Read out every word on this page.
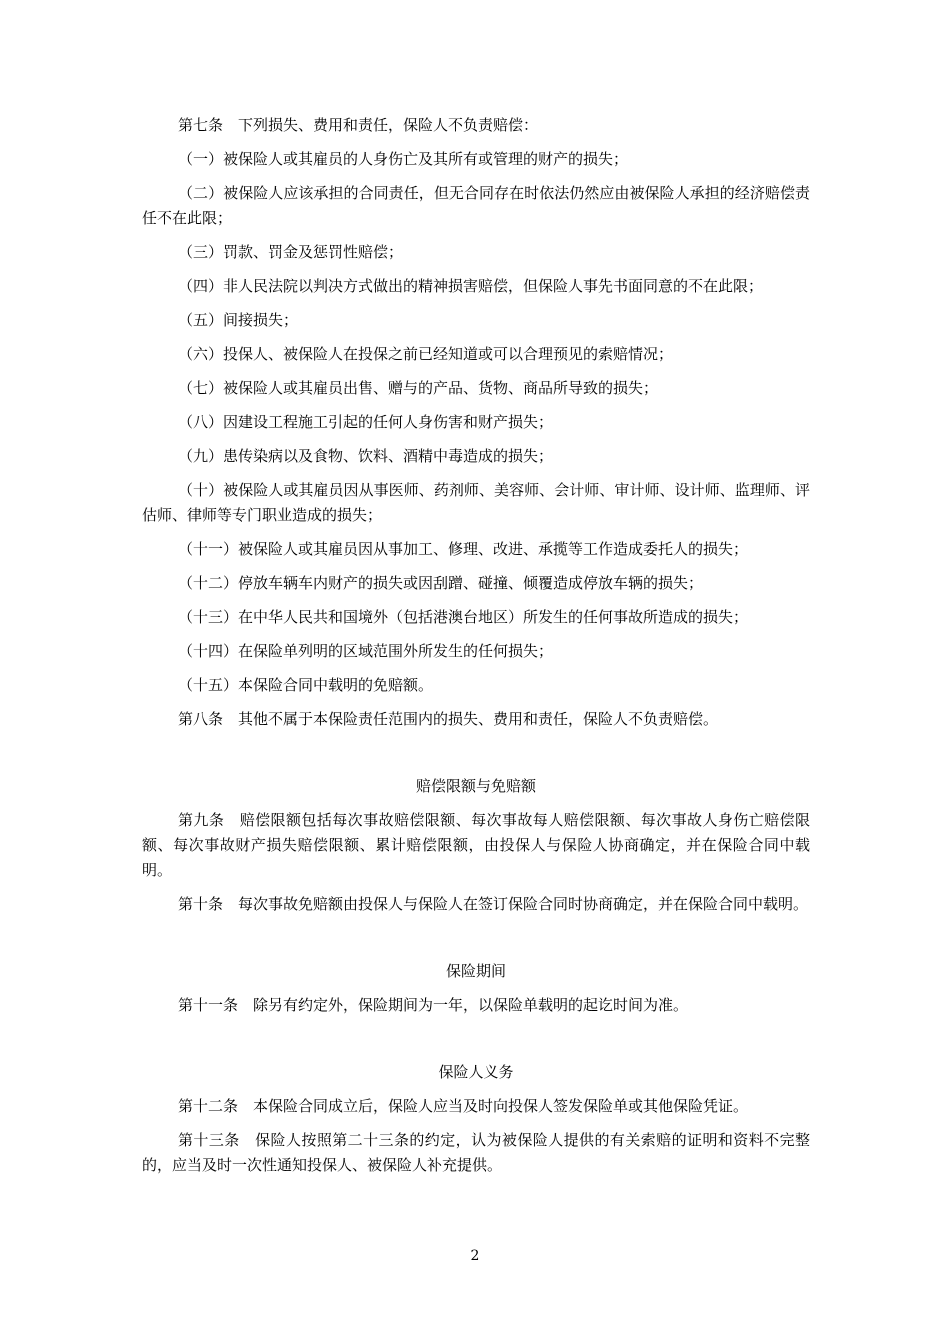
第七条　下列损失、费用和责任，保险人不负责赔偿：

（一）被保险人或其雇员的人身伤亡及其所有或管理的财产的损失；

（二）被保险人应该承担的合同责任，但无合同存在时依法仍然应由被保险人承担的经济赔偿责任不在此限；

（三）罚款、罚金及惩罚性赔偿；

（四）非人民法院以判决方式做出的精神损害赔偿，但保险人事先书面同意的不在此限；

（五）间接损失；

（六）投保人、被保险人在投保之前已经知道或可以合理预见的索赔情况；

（七）被保险人或其雇员出售、赠与的产品、货物、商品所导致的损失；

（八）因建设工程施工引起的任何人身伤害和财产损失；

（九）患传染病以及食物、饮料、酒精中毒造成的损失；

（十）被保险人或其雇员因从事医师、药剂师、美容师、会计师、审计师、设计师、监理师、评估师、律师等专门职业造成的损失；

（十一）被保险人或其雇员因从事加工、修理、改进、承揽等工作造成委托人的损失；

（十二）停放车辆车内财产的损失或因刮蹭、碰撞、倾覆造成停放车辆的损失；

（十三）在中华人民共和国境外（包括港澳台地区）所发生的任何事故所造成的损失；

（十四）在保险单列明的区域范围外所发生的任何损失；

（十五）本保险合同中载明的免赔额。

第八条　其他不属于本保险责任范围内的损失、费用和责任，保险人不负责赔偿。

赔偿限额与免赔额

第九条　赔偿限额包括每次事故赔偿限额、每次事故每人赔偿限额、每次事故人身伤亡赔偿限额、每次事故财产损失赔偿限额、累计赔偿限额，由投保人与保险人协商确定，并在保险合同中载明。

第十条　每次事故免赔额由投保人与保险人在签订保险合同时协商确定，并在保险合同中载明。

保险期间

第十一条　除另有约定外，保险期间为一年，以保险单载明的起讫时间为准。

保险人义务

第十二条　本保险合同成立后，保险人应当及时向投保人签发保险单或其他保险凭证。

第十三条　保险人按照第二十三条的约定，认为被保险人提供的有关索赔的证明和资料不完整的，应当及时一次性通知投保人、被保险人补充提供。

2
